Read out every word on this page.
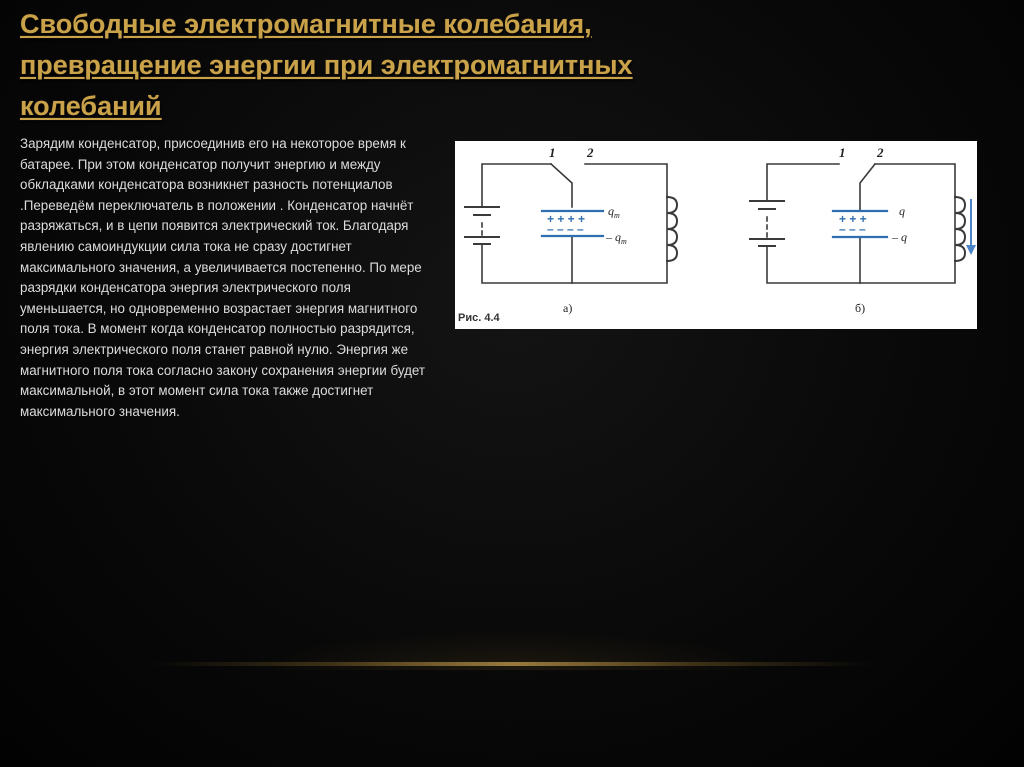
Свободные электромагнитные колебания, превращение энергии при электромагнитных колебаний

Зарядим конденсатор, присоединив его на некоторое время к батарее. При этом конденсатор получит энергию и между обкладками конденсатора возникнет разность потенциалов .Переведём переключатель в положении . Конденсатор начнёт разряжаться, и в цепи появится электрический ток. Благодаря явлению самоиндукции сила тока не сразу достигнет максимального значения, а увеличивается постепенно. По мере разрядки конденсатора энергия электрического поля уменьшается, но одновременно возрастает энергия магнитного поля тока. В момент когда конденсатор полностью разрядится, энергия электрического поля станет равной нулю. Энергия же магнитного поля тока согласно закону сохранения энергии будет максимальной, в этот момент сила тока также достигнет максимального значения.

1 2	1 2
+ + + +
– – – –
+ + +
– – –
$q_m$
– $q_m$
q
– q
а)	б)
Рис. 4.4
